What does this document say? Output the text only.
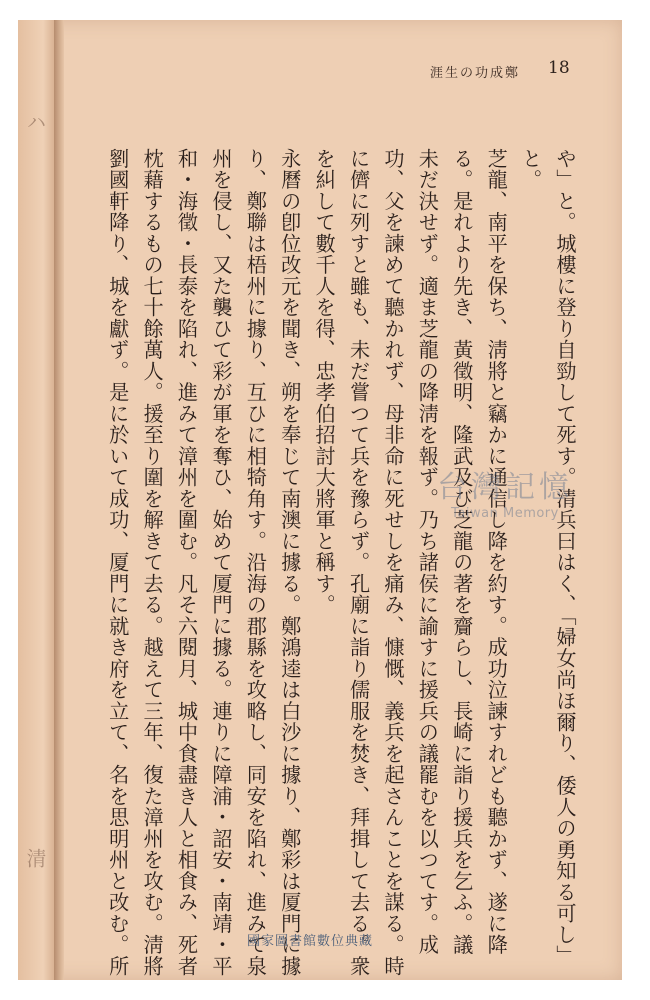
ハ
清
涯生の功成鄭 18
や」と。城樓に登り自勁して死す。清兵曰はく、「婦女尚ほ爾り、倭人の勇知る可し」
と。
芝龍、南平を保ち、淸將と竊かに通信し降を約す。成功泣諫すれども聽かず、遂に降
る。是れより先き、黃徵明、隆武及び芝龍の著を齎らし、長崎に詣り援兵を乞ふ。議
未だ決せず。適ま芝龍の降淸を報ず。乃ち諸侯に諭すに援兵の議罷むを以つてす。成
功、父を諫めて聽かれず、母非命に死せしを痛み、慷慨、義兵を起さんことを謀る。時
に儕に列すと雖も、未だ嘗つて兵を豫らず。孔廟に詣り儒服を焚き、拜揖して去る。衆
を糾して數千人を得、忠孝伯招討大將軍と稱す。
永曆の卽位改元を聞き、朔を奉じて南澳に據る。鄭鴻逵は白沙に據り、鄭彩は厦門に據
り、鄭聯は梧州に據り、互ひに相犄角す。沿海の郡縣を攻略し、同安を陷れ、進みて泉
州を侵し、又た襲ひて彩が軍を奪ひ、始めて厦門に據る。連りに障浦・詔安・南靖・平
和・海徵・長泰を陷れ、進みて漳州を圍む。凡そ六閱月、城中食盡き人と相食み、死者
枕藉するもの七十餘萬人。援至り圍を解きて去る。越えて三年、復た漳州を攻む。淸將
劉國軒降り、城を獻ず。是に於いて成功、厦門に就き府を立て、名を思明州と改む。所	台灣記憶
Taiwan Memory
國家圖書館數位典藏
